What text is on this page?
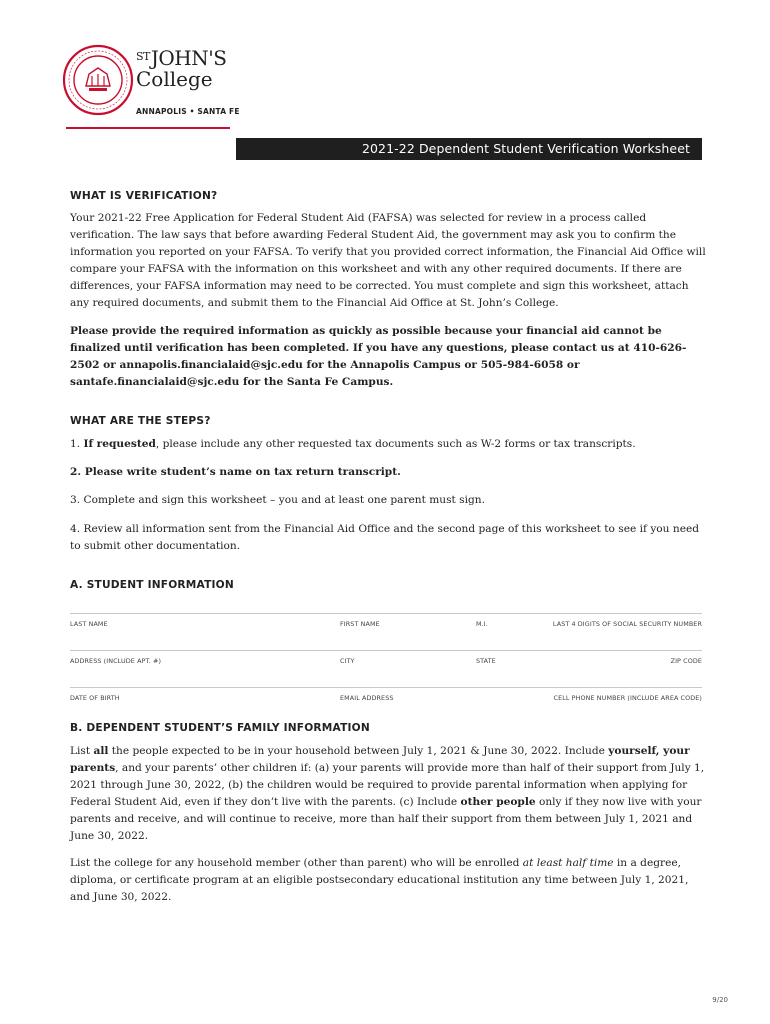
$^{ST}$JOHN'S
College
ANNAPOLIS • SANTA FE
2021-22 Dependent Student Verification Worksheet
WHAT IS VERIFICATION?
Your 2021-22 Free Application for Federal Student Aid (FAFSA) was selected for review in a process called verification. The law says that before awarding Federal Student Aid, the government may ask you to confirm the information you reported on your FAFSA. To verify that you provided correct information, the Financial Aid Office will compare your FAFSA with the information on this worksheet and with any other required documents. If there are differences, your FAFSA information may need to be corrected. You must complete and sign this worksheet, attach any required documents, and submit them to the Financial Aid Office at St. John’s College.
Please provide the required information as quickly as possible because your financial aid cannot be finalized until verification has been completed. If you have any questions, please contact us at 410-626-2502 or annapolis.financialaid@sjc.edu for the Annapolis Campus or 505-984-6058 or santafe.financialaid@sjc.edu for the Santa Fe Campus.
WHAT ARE THE STEPS?
1. If requested, please include any other requested tax documents such as W-2 forms or tax transcripts.
2. Please write student’s name on tax return transcript.
3. Complete and sign this worksheet – you and at least one parent must sign.
4. Review all information sent from the Financial Aid Office and the second page of this worksheet to see if you need to submit other documentation.
A. STUDENT INFORMATION
LAST NAME	FIRST NAME	M.I.	LAST 4 DIGITS OF SOCIAL SECURITY NUMBER
ADDRESS (INCLUDE APT. #)	CITY	STATE	ZIP CODE
DATE OF BIRTH	EMAIL ADDRESS	CELL PHONE NUMBER (INCLUDE AREA CODE)
B. DEPENDENT STUDENT’S FAMILY INFORMATION
List all the people expected to be in your household between July 1, 2021 & June 30, 2022. Include yourself, your parents, and your parents’ other children if: (a) your parents will provide more than half of their support from July 1, 2021 through June 30, 2022, (b) the children would be required to provide parental information when applying for Federal Student Aid, even if they don’t live with the parents. (c) Include other people only if they now live with your parents and receive, and will continue to receive, more than half their support from them between July 1, 2021 and June 30, 2022.
List the college for any household member (other than parent) who will be enrolled at least half time in a degree, diploma, or certificate program at an eligible postsecondary educational institution any time between July 1, 2021, and June 30, 2022.
9/20
